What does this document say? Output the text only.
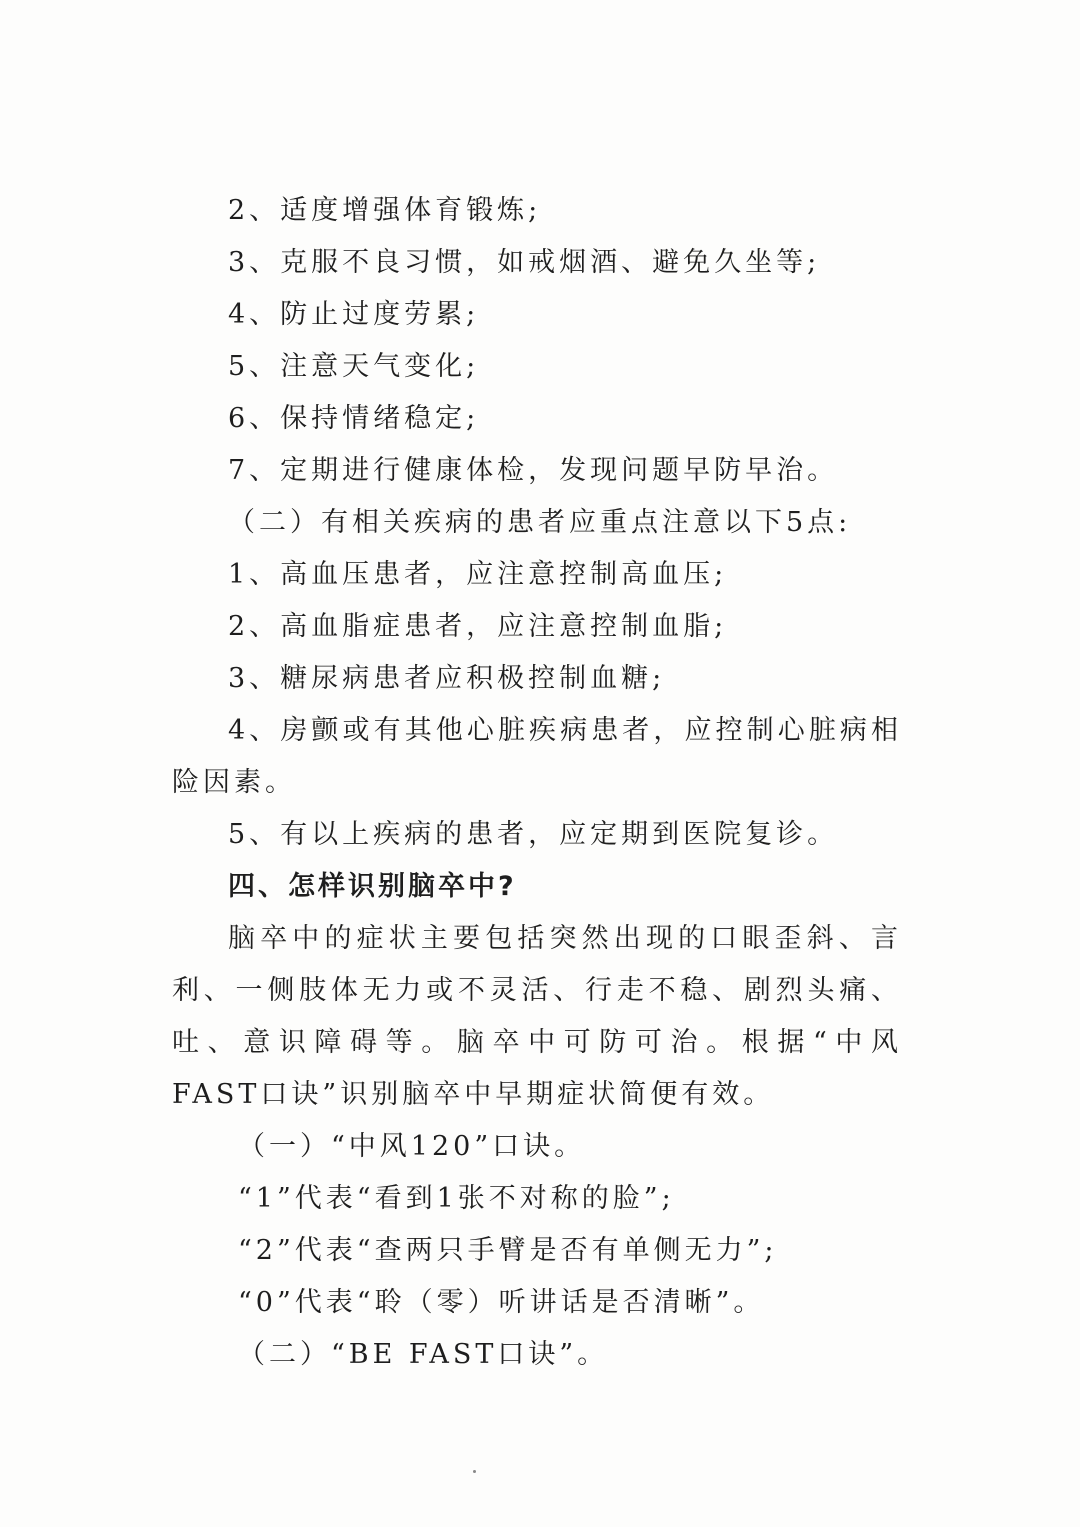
2、适度增强体育锻炼;
3、克服不良习惯，如戒烟酒、避免久坐等;
4、防止过度劳累;
5、注意天气变化;
6、保持情绪稳定;
7、定期进行健康体检，发现问题早防早治。
（二）有相关疾病的患者应重点注意以下5点:
1、高血压患者，应注意控制高血压;
2、高血脂症患者，应注意控制血脂;
3、糖尿病患者应积极控制血糖;
4、房颤或有其他心脏疾病患者，应控制心脏病相
险因素。
5、有以上疾病的患者，应定期到医院复诊。
四、怎样识别脑卒中?
脑卒中的症状主要包括突然出现的口眼歪斜、言
利、一侧肢体无力或不灵活、行走不稳、剧烈头痛、
吐、意识障碍等。脑卒中可防可治。根据“中风
FAST口诀”识别脑卒中早期症状简便有效。
（一）“中风120”口诀。
“1”代表“看到1张不对称的脸”;
“2”代表“查两只手臂是否有单侧无力”;
“0”代表“聆（零）听讲话是否清晰”。
（二）“BE FAST口诀”。
